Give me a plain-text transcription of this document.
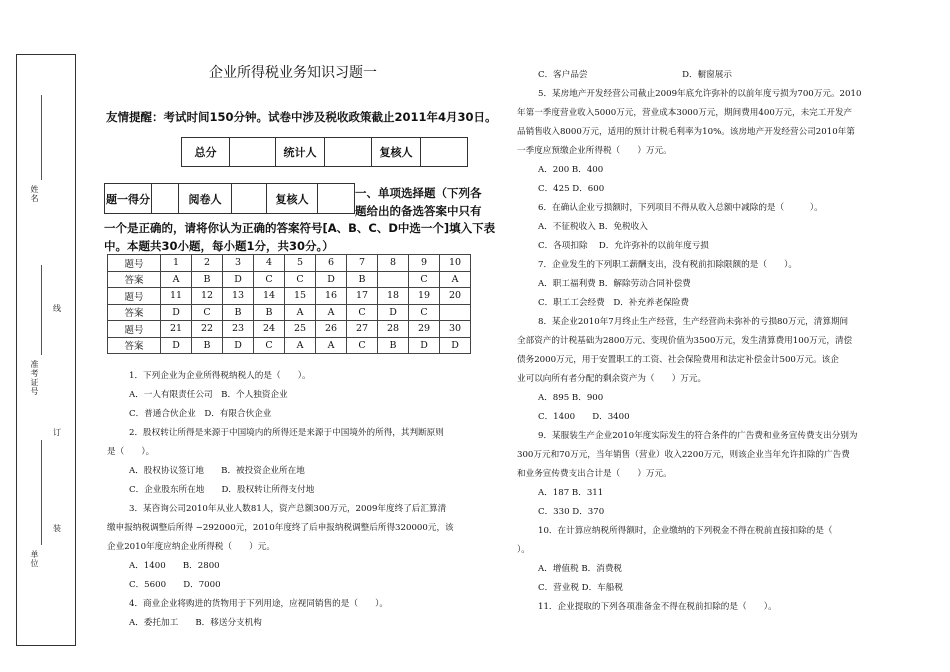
姓名
准考证号
单位
线
订
装
企业所得税业务知识习题一
友情提醒：考试时间150分钟。试卷中涉及税收政策截止2011年4月30日。
总分		统计人		复核人	
题一得分		阅卷人		复核人		一、单项选择题（下列各
题给出的备选答案中只有
一个是正确的，请将你认为正确的答案符号[A、B、C、D中选一个]填入下表
中。本题共30小题，每小题1分，共30分。）
题号	1	2	3	4	5	6	7	8	9	10
答案	A	B	D	C	C	D	B		C	A
题号	11	12	13	14	15	16	17	18	19	20
答案	D	C	B	B	A	A	C	D	C	
题号	21	22	23	24	25	26	27	28	29	30
答案	D	B	D	C	A	A	C	B	D	D
1．下列企业为企业所得税纳税人的是（　　）。
A．一人有限责任公司　B．个人独资企业
C．普通合伙企业　D．有限合伙企业
2．股权转让所得是来源于中国境内的所得还是来源于中国境外的所得，其判断原则
是（　　）。
A．股权协议签订地　　B．被投资企业所在地
C．企业股东所在地　　D．股权转让所得支付地
3．某咨询公司2010年从业人数81人，资产总额300万元，2009年度终了后汇算清
缴申报纳税调整后所得 −292000元，2010年度终了后申报纳税调整后所得320000元，该
企业2010年度应纳企业所得税（　　）元。
A．1400　　B．2800
C．5600　　D．7000
4．商业企业将购进的货物用于下列用途，应视同销售的是（　　）。
A．委托加工　　B．移送分支机构
C．客户品尝　　　　　　　　　　　D．橱窗展示
5．某房地产开发经营公司截止2009年底允许弥补的以前年度亏损为700万元。2010
年第一季度营业收入5000万元，营业成本3000万元，期间费用400万元，未完工开发产
品销售收入8000万元，适用的预计计税毛利率为10%。该房地产开发经营公司2010年第
一季度应预缴企业所得税（　　）万元。
A．200 B．400
C．425 D．600
6．在确认企业亏损额时，下列项目不得从收入总额中减除的是（　　　）。
A．不征税收入 B．免税收入
C．各项扣除　 D．允许弥补的以前年度亏损
7．企业发生的下列职工薪酬支出，没有税前扣除限额的是（　　）。
A．职工福利费 B．解除劳动合同补偿费
C．职工工会经费　D．补充养老保险费
8．某企业2010年7月终止生产经营，生产经营尚未弥补的亏损80万元，清算期间
全部资产的计税基础为2800万元、变现价值为3500万元，发生清算费用100万元，清偿
债务2000万元，用于安置职工的工资、社会保险费用和法定补偿金计500万元。该企
业可以向所有者分配的剩余资产为（　　）万元。
A．895 B．900
C．1400　　D．3400
9．某服装生产企业2010年度实际发生的符合条件的广告费和业务宣传费支出分别为
300万元和70万元，当年销售（营业）收入2200万元，则该企业当年允许扣除的广告费
和业务宣传费支出合计是（　　）万元。
A．187 B．311
C．330 D．370
10．在计算应纳税所得额时，企业缴纳的下列税金不得在税前直接扣除的是（
）。
A．增值税 B．消费税
C．营业税 D．车船税
11．企业提取的下列各项准备金不得在税前扣除的是（　　）。
